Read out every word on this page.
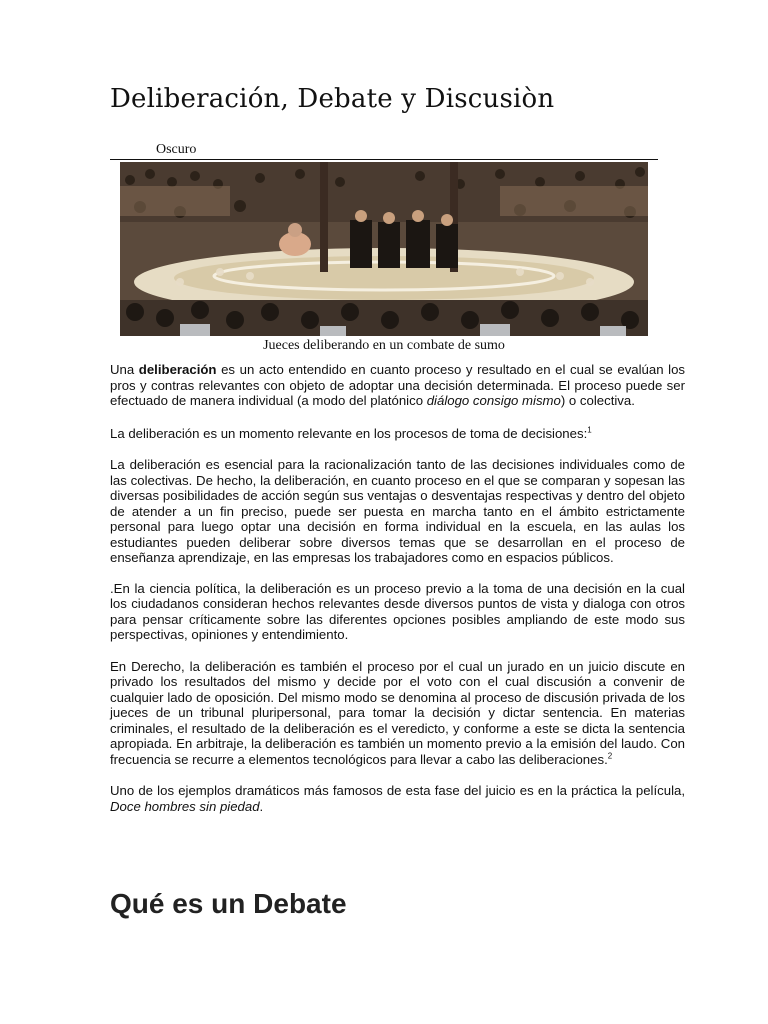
Deliberación, Debate y Discusiòn
Oscuro
Jueces deliberando en un combate de sumo

Una deliberación es un acto entendido en cuanto proceso y resultado en el cual se evalúan los pros y contras relevantes con objeto de adoptar una decisión determinada. El proceso puede ser efectuado de manera individual (a modo del platónico diálogo consigo mismo) o colectiva.

La deliberación es un momento relevante en los procesos de toma de decisiones:$^1$

La deliberación es esencial para la racionalización tanto de las decisiones individuales como de las colectivas. De hecho, la deliberación, en cuanto proceso en el que se comparan y sopesan las diversas posibilidades de acción según sus ventajas o desventajas respectivas y dentro del objeto de atender a un fin preciso, puede ser puesta en marcha tanto en el ámbito estrictamente personal para luego optar una decisión en forma individual en la escuela, en las aulas los estudiantes pueden deliberar sobre diversos temas que se desarrollan en el proceso de enseñanza aprendizaje, en las empresas los trabajadores como en espacios públicos.

.En la ciencia política, la deliberación es un proceso previo a la toma de una decisión en la cual los ciudadanos consideran hechos relevantes desde diversos puntos de vista y dialoga con otros para pensar críticamente sobre las diferentes opciones posibles ampliando de este modo sus perspectivas, opiniones y entendimiento.

En Derecho, la deliberación es también el proceso por el cual un jurado en un juicio discute en privado los resultados del mismo y decide por el voto con el cual discusión a convenir de cualquier lado de oposición. Del mismo modo se denomina al proceso de discusión privada de los jueces de un tribunal pluripersonal, para tomar la decisión y dictar sentencia. En materias criminales, el resultado de la deliberación es el veredicto, y conforme a este se dicta la sentencia apropiada. En arbitraje, la deliberación es también un momento previo a la emisión del laudo. Con frecuencia se recurre a elementos tecnológicos para llevar a cabo las deliberaciones.$^2$

Uno de los ejemplos dramáticos más famosos de esta fase del juicio es en la práctica la película, Doce hombres sin piedad.

Qué es un Debate
